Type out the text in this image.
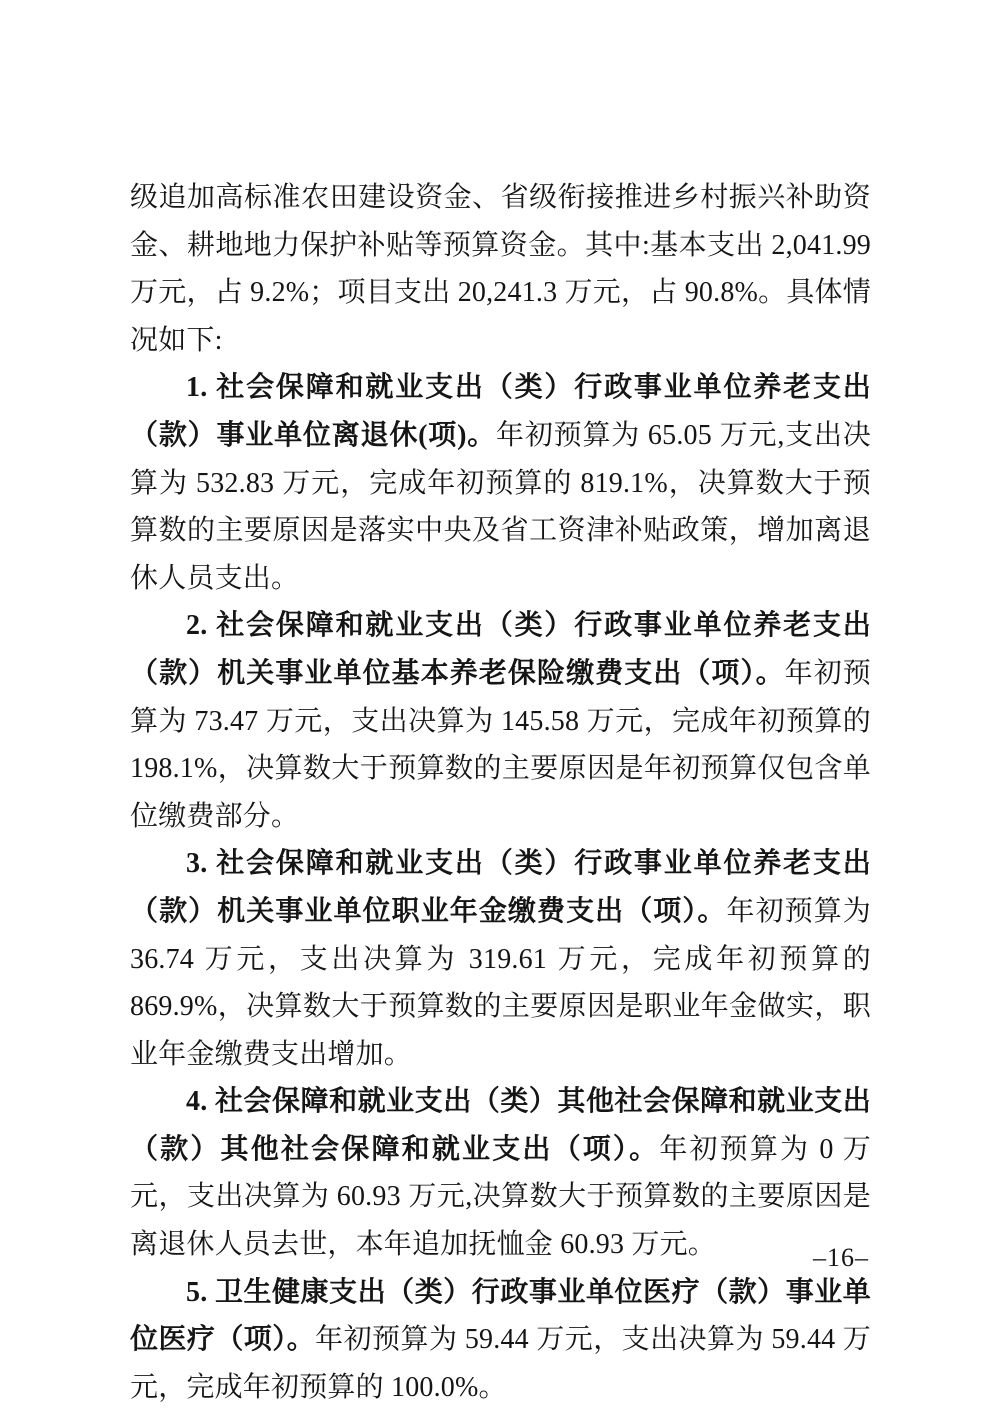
级追加高标准农田建设资金、省级衔接推进乡村振兴补助资金、耕地地力保护补贴等预算资金。其中:基本支出 2,041.99 万元，占 9.2%；项目支出 20,241.3 万元，占 90.8%。具体情况如下:

1. 社会保障和就业支出（类）行政事业单位养老支出（款）事业单位离退休(项)。年初预算为 65.05 万元,支出决算为 532.83 万元，完成年初预算的 819.1%，决算数大于预算数的主要原因是落实中央及省工资津补贴政策，增加离退休人员支出。

2. 社会保障和就业支出（类）行政事业单位养老支出（款）机关事业单位基本养老保险缴费支出（项）。年初预算为 73.47 万元，支出决算为 145.58 万元，完成年初预算的 198.1%，决算数大于预算数的主要原因是年初预算仅包含单位缴费部分。

3. 社会保障和就业支出（类）行政事业单位养老支出（款）机关事业单位职业年金缴费支出（项）。年初预算为 36.74 万元，支出决算为 319.61 万元，完成年初预算的 869.9%，决算数大于预算数的主要原因是职业年金做实，职业年金缴费支出增加。

4. 社会保障和就业支出（类）其他社会保障和就业支出（款）其他社会保障和就业支出（项）。年初预算为 0 万元，支出决算为 60.93 万元,决算数大于预算数的主要原因是离退休人员去世，本年追加抚恤金 60.93 万元。

5. 卫生健康支出（类）行政事业单位医疗（款）事业单位医疗（项）。年初预算为 59.44 万元，支出决算为 59.44 万元，完成年初预算的 100.0%。

–16–
